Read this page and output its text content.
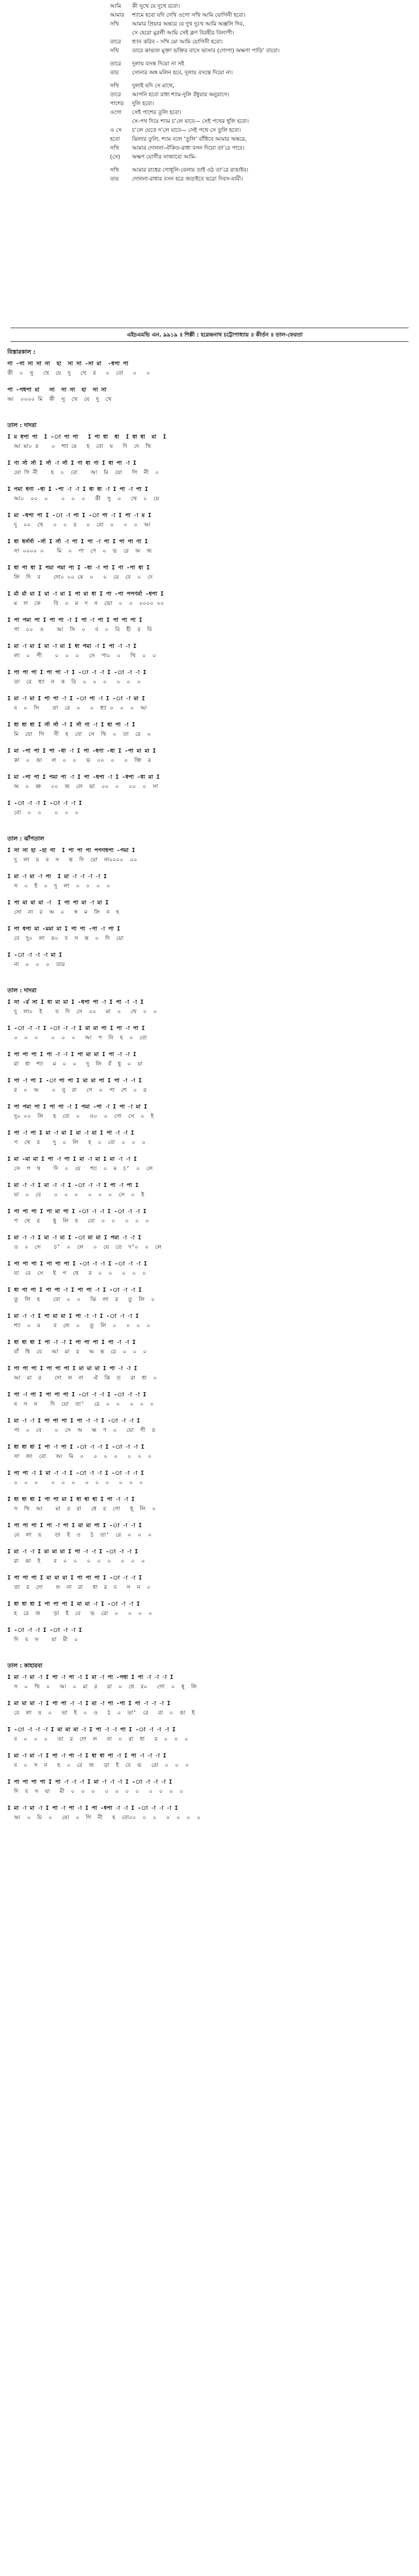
আমি	কী সুখে যে দুখে রবো।
আমার	শ্যামে হবো যদি দেখি ওগো সখি আমি যোগিনী হবো।
সখি	আমার প্রিয়ার অন্তরে যে দুখ দুঃখ আমি অঞ্জলি দিব,
সে হেরো মুরলী আমি সেই ক্লণ বিরহীর বিলাপী।
তারে	ধ্যান করিব - সখি মো আমি যোগিনী হবো।
সখি	তারে কাঙাল মুক্তা ভক্তির বাসে ভাসাব (গোপা) অক্ষণা পাড়ি’ বাবো।
তারে	দুলায় বসন্ত দিয়ো না সই
তার	সোনার অঙ্গ মলিন হবে, দুলায় বসন্তে দিয়ো না।
সখি	দুলাই যদি সে মাথে,
তারে	আপনি হবো রাধা শ্যাম-দুলি বঁধুয়ার অনুরাগে।
পাশের	দুলি হবো।
ওগো	সেই পাশের তুলি হবো।
সে-পথ দিয়ে শ্যাম চ’লে যাবে— সেই পথের ধূলি হবো।
ও সে	চ’লে যেতে দ’লে যাবে— সেই পথে সে তুলি হবো।
হবো	ঝিলার তুলি, শ্যাম বলে ‘তুলি’ বাঁধিবে আমার অন্তরে,
সখি	আমার দোলনা-ঐকিত-রাধা বসন দিয়ো তা’রে পাবে।
(সে)	অক্ষণ যোগীর সাজাবো আমি-
সখি	আমার রাধের গোধূলি-বেলায় তাই ওঠ তা’রে রাঙাইব।
তার	দোলনা-রাধার বসন হরে জড়াইবে ভরো দিবস-যামী।
এইচএমভি এন. ৯৯১৯ ॥ শিল্পী : হরেন্দ্রনাথ চট্টোপাধ্যায় ॥ কীর্তন ॥ তাল-ফেরতা
বিস্তারকাল :
গা -গা সা সা সা  হা  সা সা -সা মা  -ধপা পা
কী  ০  সু   খে  যে  দু   খে  র   ০  বো   ০   ০
পা -পধপা মা   সা  সা সা  হা  সা সা
আ  ০০০০ মি  কী  সু  খে  যে  দু  খে
তাল : দাদরা
I ম ধপা পা  I -া পা পা   I পা ধা  ধা  I ধা ধা  মা  I
আ মা০ র    ০  শ্যা মে   হ  বো  য   দি  দে  খি
I ণা র্সা র্সা I র্সা -া র্সা I ণা ধা ণা I ধা পা -া I
যো গি নী    হ  ০  বো    আ  মি  যো   গি  নী  ০
I পমা ধণা -ধা I -পা -া -া I ধা ধা -া I পা -া পা I
আ০  ০০  ০    ০  ০  ০   কী  সু  ০   খে  ০  যে
I মা -ধপা পা I -া -া পা I -া পা -া I পা -া ম I
দু  ০০  খে   ০  ০  র   ০  বো  ০   ০  ০  আ
I ধা ধর্সর্সা -র্সা I র্সা -া পা I পা -া পা I পা পা ণা I
সা ০০০০ ০    মি  ০  পা  ণে  ০  ভ  রে  অ  জ
I ধা পা ধা I পমা পমা পা I -ধা -া পা I ণা -পা ধা I
লি  দি  ব    দো০ ০০ ষে  ০   ০  যে  বে  ০  দে
I র্মা র্মা মা I মা -া মা I পা মা ধা I পা -পা পপণর্মা -ধপা I
ম  ল  কে    বি  ০  ম  দ  ন  ভো  ০  ০  ০০০০ ০০
I পা পমা পা I পা পা -া I পা -া পা I পা পা পা I
গা  ০০  ও    আ  সি  ০   ব  ০  বি  হী  র  বি
I মা -া মা I মা -া মা I ধা পমা -া I পা -া -া I
লা  ০  পী    ০  ০  ০   সে  পা০  ০   খি  ০  ০
I পা পা পা I পা পা -া I -া -া -া I -া -া -া I
তা  রে  ধ্যা  ন  ক  রি  ০  ০  ০   ০  ০  ০
I মা -া মা I পা পা -া I -া পা -া I -া -া মা I
ব  ০  সি    তা  রে  ০   ০  ধ্যা ০  ০  ০  আ
I ধা ধা ধা I র্সা র্সা -া I র্সা ণা -া I ধা পা -া I
মি  যো  গি   নী  হ  বো  সে  খি  ০  তা  রে  ০
I মা -পা পা I পা -ধা -া I পা -ধণা -ধা I -পা মা মা I
কা  ০  ঙা   ল  ০  ০   ভ  ০০  ০   ০  ক্তি  র
I মা -পা পা I পমা পা -া I পা -ধপা -া I -ধপা -ধা মা I
অ  ০  শ্রু   ০০  জ  লে  ভা  ০০  ০   ০০  ০  সা
I -া -া -া I -া -া -া I
বো  ০  ০    ০  ০  ০
তাল : ঝাঁপতাল
I সা সা হা -হা গা  I পা পা পা পপণধপা -পমা I
দু  লা  য়  ব  স   ন্ত  দি  য়ো  না০০০০  ০০
I মা -া মা -া পা  I মা -া -া -া -া I
স  ০  ই  ০  দু  লা  ০  ০  ০  ০
I পা মা মা মা -া  I পা পা মা -া মা I
সো  না  র  অ  ০   ঙ্গ  ম  লি  ন  হ
I পা ধপা মা -মমা মা I পা পা -পা -া পা I
বে  দু০  লা  য়০  ব  স  ন্ত  ০  দি  য়ো
I -া -া -া -া মা I
না  ০  ০  ০  তার
তাল : দাদরা
I সা -র্র সা I ধা মা মা I -ধপা পা -া I পা -া -া I
দু  লা০  ই    য  দি  সে  ০০   মা  ০   থে  ০  ০
I -া -া -া I -া -া -া I মা মা পা I পা -া পা I
০  ০  ০    ০  ০  ০   আ  প  নি  হ  ০  বো
I পা পা পা I পা -া -া I পা মা মা I পা -া -া I
রা  ধা  শ্যা   ম  ০  ০   দু  লি  বঁ  ধু  ০  য়া
I পা -া পা I -া পা পা I মা মা পা I পা -া -া I
র  ০  অ    ০  নু  রা   গে  ০  পা  শে  ০  র
I পা পমা পা I পা পা -া I পমা -পা -া I পা -া মা I
দু০ ০০  লি   হ  বো  ০   ও০  ০  গো  সে  ০  ই
I পা -া পা I মা -া মা I মা -া মা I পা -া -া I
প  থে  র    দু  ০  লি   হ  ০  বো  ০  ০  ০
I মা -মা মা I পা -া পা I মা -া মা I মা -া -া I
সে  প  থ    দি  ০  য়ে   শ্যা  ০  ম  চ’  ০  লে
I মা -া -া I মা -া -া I -া -া -া I পা -া পা I
যা  ০  বে    ০  ০  ০   ০  ০  ০  সে  ০  ই
I পা পা পা I পা মা পা I -া -া -া I -া -া -া I
প  থে  র    ধু  লি  হ   বো  ০  ০   ০  ০  ০
I মা -া -া I মা -া মা I -া মা মা I পমা -া -া I
ও  ০  সে    চ’  ০  লে   ০  যে  তে  দ’০  ০  লে
I পা পা পা I পা পা পা I -া -া -া I -া -া -া I
যা  বে  সে   ই  প  থে   র  ০  ০   ০  ০  ০
I ধা পা পা I পা পা -া I পা পা -া I -া -া -া I
তু  লি  হ    বো  ০  ০   ঝি  লা  র   তু  লি  ০
I মা -া -া I পা মা মা I পা -া -া I -া -া -া I
শ্যা  ০  ম    ব  লে  ০   তু  লি  ০   ০  ০  ০
I ধা ধা ধা I পা -া -া I পা পা পা I পা -া -া I
বাঁ  ধি  বে   আ  মা  র   অ  ন্ত  রে  ০  ০  ০
I পা পা পা I পা পা পা I মা মা মা I পা -া -া I
আ  মা  র    দো  ল  না   ঐ  কি  ত   রা  ধা  ০
I পা -া পা I পা পা পা I -া -া -া I -া -া -া I
ব  স  ন    দি  য়ো  তা’   রে  ০  ০   ০  ০  ০
I মা -া -া I পা পা পা I পা -া -া I -া -া -া I
পা  ০  বে    ০  সে  অ   ক্ষ  ণ  ০   যো  গী  র
I ধা ধা ধা I পা -া পা I -া -া -া I -া -া -া I
সা  জা  বো   আ  মি  ০   ০  ০  ০   ০  ০  ০
I পা পা -া I মা -া -া I -া -া -া I -া -া -া I
০  ০  ০    ০  ০  ০   ০  ০  ০   ০  ০  ০
I ধা ধা ধা I পা পা মা I ধা ধা ধা I পা -া -া I
স  খি  আ    মা  র  রা   ধে  র  গো   ধূ  লি  ০
I পা পা পা I পা -া পা I মা মা পা I -া -া -া I
বে  লা  য়    তা  ই  ও   ঠ  তা’  রে  ০  ০  ০
I মা -া -া I মা মা মা I পা -া -া I -া -া -া I
রা  ঙা  ই    ব  ০  ০   ০  ০  ০   ০  ০  ০
I পা পা পা I মা মা মা I পা পা পা I -া -া -া I
তা  র  দো    ল  না  রা   ধা  র  ব   স  ন  ০
I ধা ধা ধা I পা পা পা I মা মা -া I -া -া -া I
হ  রে  জ    ড়া  ই  বে   ভ  রো  ০   ০  ০  ০
I -া -া -া I -া -া -া I
দি  ব  স    যা  মী  ০
তাল : কাহারবা
I মা -া মা -া I পা -া পা -া I মা -া পা -পধা I পা -া -া -া I
স  ০  খি  ০   আ  ০  মা  র   রা  ০  ধে  র০   গো  ০  ধূ  লি
I মা মা মা -া I পা পা -া -া I মা -া পা -পা I পা -া -া -া I
বে  লা  য়  ০   তা  ই  ০  ও   ঠ  ০  তা’  রে   রা  ০  ঙা  ই
I -া -া -া -া I মা মা মা -া I পা -া -া পা I -া -া -া -া I
ব  ০  ০  ০   তা  র  দো  ল   না  ০  রা  ধা   র  ০  ০  ০
I মা -া মা -া I পা -া পা -া I ধা ধা পা -া I পা -া -া -া I
ব  ০  স  ন   হ  ০  রে  জ   ড়া  ই  বে  ভ   রো  ০  ০  ০
I পা পা পা পা I পা -া -া -া I মা -া -া -া I -া -া -া -া I
দি  ব  স  যা   মী  ০  ০  ০   ০  ০  ০  ০   ০  ০  ০  ০
I মা -া মা -া I পা -া পা -া I পা -ধপা -া -া I -া -া -া -া I
আ  ০  মি  ০   যো  ০  গি  নী   হ  বো০০  ০  ০   ০  ০  ০  ০
